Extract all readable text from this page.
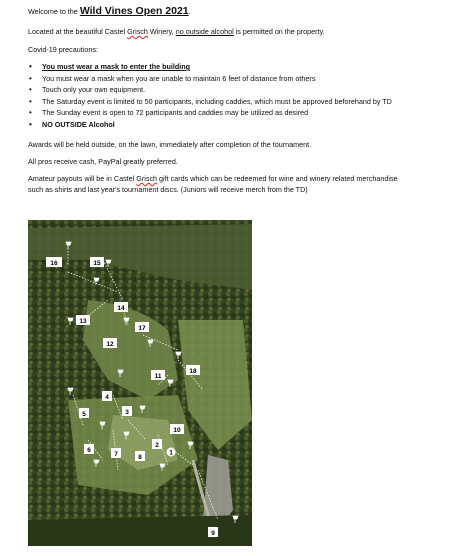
Welcome to the Wild Vines Open 2021.
Located at the beautiful Castel Grisch Winery, no outside alcohol is permitted on the property.
Covid-19 precautions:
• You must wear a mask to enter the building
• You must wear a mask when you are unable to maintain 6 feet of distance from others
• Touch only your own equipment.
• The Saturday event is limited to 50 participants, including caddies, which must be approved beforehand by TD
• The Sunday event is open to 72 participants and caddies may be utilized as desired
• NO OUTSIDE Alcohol
Awards will be held outside, on the lawn, immediately after completion of the tournament.
All pros receive cash, PayPal greatly preferred.
Amateur payouts will be in Castel Grisch gift cards which can be redeemed for wine and winery related merchandise
such as shirts and last year's tournament discs. (Juniors will receive merch from the TD)
16	15
14
13
17
12
18
11
4
3
5
10
2
6
7	8
1
9
